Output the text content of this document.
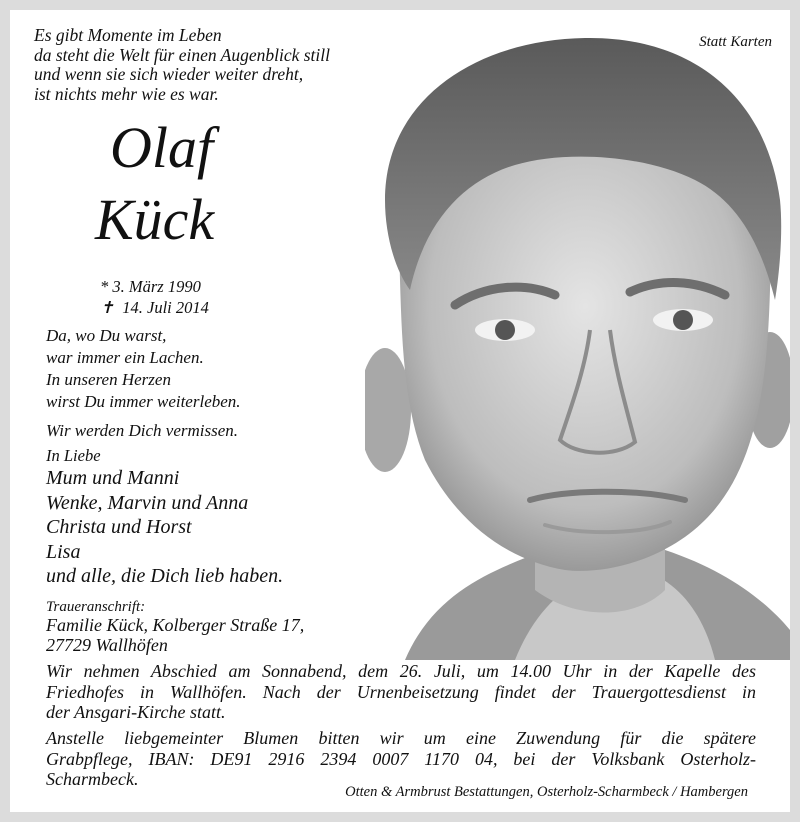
Es gibt Momente im Leben
da steht die Welt für einen Augenblick still
und wenn sie sich wieder weiter dreht,
ist nichts mehr wie es war.
Statt Karten
Olaf
Kück
* 3. März 1990
✝ 14. Juli 2014
Da, wo Du warst,
war immer ein Lachen.
In unseren Herzen
wirst Du immer weiterleben.
Wir werden Dich vermissen.
In Liebe
Mum und Manni
Wenke, Marvin und Anna
Christa und Horst
Lisa
und alle, die Dich lieb haben.
Traueranschrift:
Familie Kück, Kolberger Straße 17,
27729 Wallhöfen
Wir nehmen Abschied am Sonnabend, dem 26. Juli, um 14.00 Uhr in der Kapelle des
Friedhofes in Wallhöfen. Nach der Urnenbeisetzung findet der Trauergottesdienst in
der Ansgari-Kirche statt.
Anstelle liebgemeinter Blumen bitten wir um eine Zuwendung für die spätere
Grabpflege, IBAN: DE91 2916 2394 0007 1170 04, bei der Volksbank Osterholz-
Scharmbeck.
Otten & Armbrust Bestattungen, Osterholz-Scharmbeck / Hambergen
